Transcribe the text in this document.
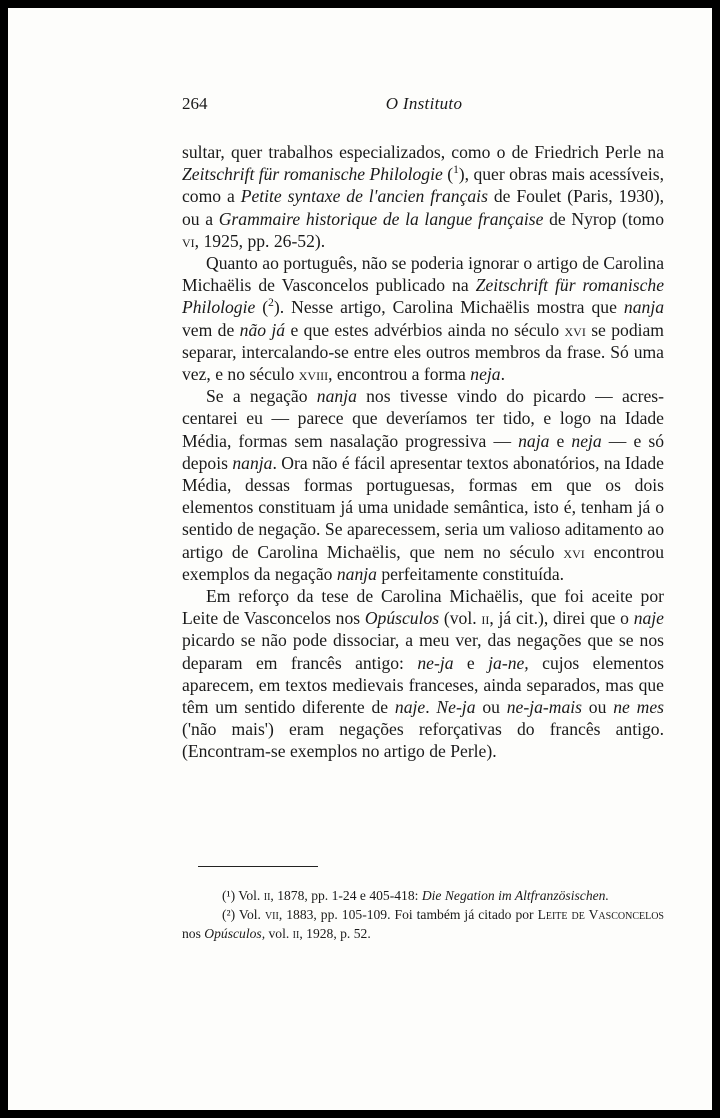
264	O Instituto

sultar, quer trabalhos especializados, como o de Friedrich Perle na Zeitschrift für romanische Philologie ($^1$), quer obras mais acessíveis, como a Petite syntaxe de l'ancien français de Foulet (Paris, 1930), ou a Grammaire historique de la langue française de Nyrop (tomo vi, 1925, pp. 26-52).

Quanto ao português, não se poderia ignorar o artigo de Carolina Michaëlis de Vasconcelos publicado na Zeitschrift für romanische Philologie ($^2$). Nesse artigo, Carolina Michaëlis mostra que nanja vem de não já e que estes advérbios ainda no século xvi se podiam separar, intercalando-se entre eles outros membros da frase. Só uma vez, e no século xviii, encontrou a forma neja.

Se a negação nanja nos tivesse vindo do picardo — acrescentarei eu — parece que deveríamos ter tido, e logo na Idade Média, formas sem nasalação progressiva — naja e neja — e só depois nanja. Ora não é fácil apresentar textos abonatórios, na Idade Média, dessas formas portuguesas, formas em que os dois elementos constituam já uma unidade semântica, isto é, tenham já o sentido de negação. Se aparecessem, seria um valioso aditamento ao artigo de Carolina Michaëlis, que nem no século xvi encontrou exemplos da negação nanja perfeitamente constituída.

Em reforço da tese de Carolina Michaëlis, que foi aceite por Leite de Vasconcelos nos Opúsculos (vol. ii, já cit.), direi que o naje picardo se não pode dissociar, a meu ver, das negações que se nos deparam em francês antigo: ne-ja e ja-ne, cujos elementos aparecem, em textos medievais franceses, ainda separados, mas que têm um sentido diferente de naje. Ne-ja ou ne-ja-mais ou ne mes ('não mais') eram negações reforçativas do francês antigo. (Encontram-se exemplos no artigo de Perle).

(¹) Vol. ii, 1878, pp. 1-24 e 405-418: Die Negation im Altfranzösischen.

(²) Vol. vii, 1883, pp. 105-109. Foi também já citado por Leite de Vasconcelos nos Opúsculos, vol. ii, 1928, p. 52.
